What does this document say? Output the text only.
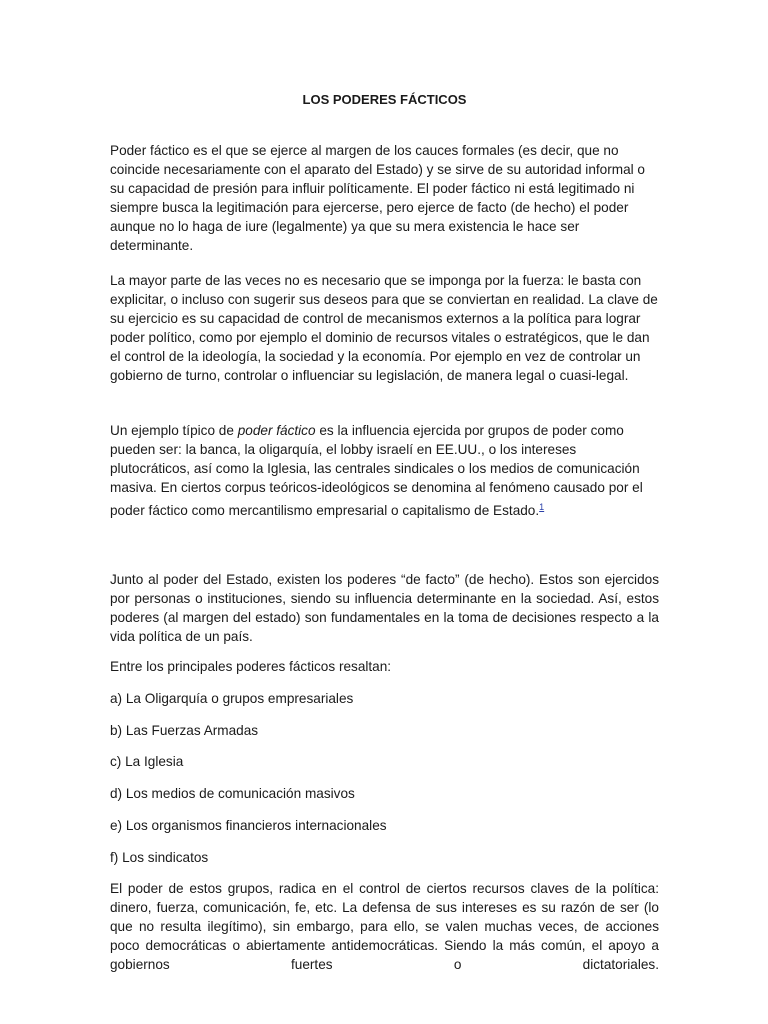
LOS PODERES FÁCTICOS

Poder fáctico es el que se ejerce al margen de los cauces formales (es decir, que no coincide necesariamente con el aparato del Estado) y se sirve de su autoridad informal o su capacidad de presión para influir políticamente. El poder fáctico ni está legitimado ni siempre busca la legitimación para ejercerse, pero ejerce de facto (de hecho) el poder aunque no lo haga de iure (legalmente) ya que su mera existencia le hace ser determinante.

La mayor parte de las veces no es necesario que se imponga por la fuerza: le basta con explicitar, o incluso con sugerir sus deseos para que se conviertan en realidad. La clave de su ejercicio es su capacidad de control de mecanismos externos a la política para lograr poder político, como por ejemplo el dominio de recursos vitales o estratégicos, que le dan el control de la ideología, la sociedad y la economía. Por ejemplo en vez de controlar un gobierno de turno, controlar o influenciar su legislación, de manera legal o cuasi-legal.

Un ejemplo típico de poder fáctico es la influencia ejercida por grupos de poder como pueden ser: la banca, la oligarquía, el lobby israelí en EE.UU., o los intereses plutocráticos, así como la Iglesia, las centrales sindicales o los medios de comunicación masiva. En ciertos corpus teóricos-ideológicos se denomina al fenómeno causado por el poder fáctico como mercantilismo empresarial o capitalismo de Estado.$^1$

Junto al poder del Estado, existen los poderes “de facto” (de hecho). Estos son ejercidos por personas o instituciones, siendo su influencia determinante en la sociedad. Así, estos poderes (al margen del estado) son fundamentales en la toma de decisiones respecto a la vida política de un país.

Entre los principales poderes fácticos resaltan:

a) La Oligarquía o grupos empresariales

b) Las Fuerzas Armadas

c) La Iglesia

d) Los medios de comunicación masivos

e) Los organismos financieros internacionales

f) Los sindicatos

El poder de estos grupos, radica en el control de ciertos recursos claves de la política: dinero, fuerza, comunicación, fe, etc. La defensa de sus intereses es su razón de ser (lo que no resulta ilegítimo), sin embargo, para ello, se valen muchas veces, de acciones poco democráticas o abiertamente antidemocráticas. Siendo la más común, el apoyo a gobiernos fuertes o dictatoriales.
